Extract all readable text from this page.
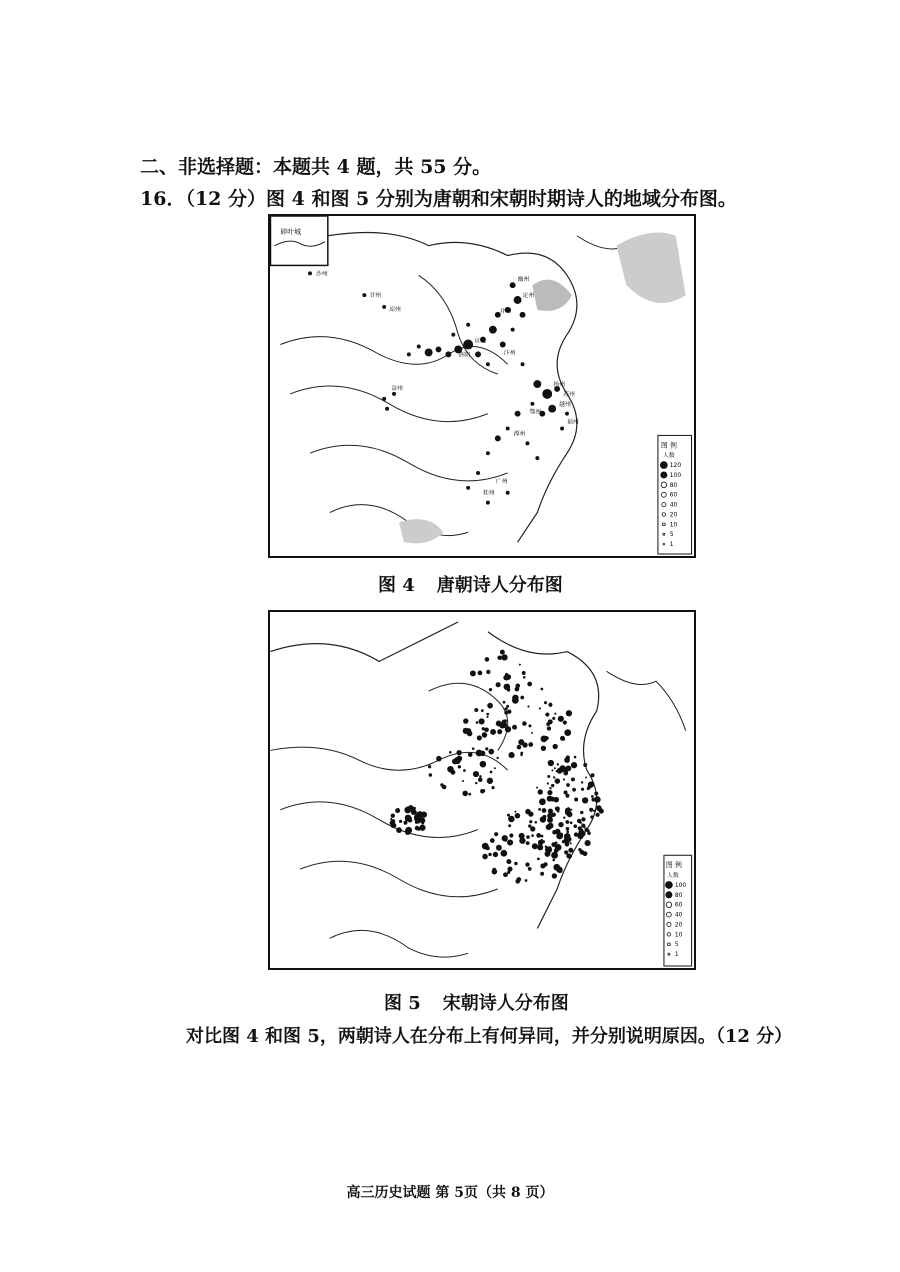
二、非选择题：本题共 4 题，共 55 分。
16．（12 分）图 4 和图 5 分别为唐朝和宋朝时期诗人的地域分布图。
碎叶城
图 例
人数
120
100
80
60
40
20
10
5
1
沙州
甘州
凉州
幽州
定州
并州
京兆
洛阳	汴州
扬州
越州
苏州
鄂州
潭州
广州
桂州
福州
益州
图 4 唐朝诗人分布图
图 例
人数
100
80
60
40
20
10
5
1
图 5 宋朝诗人分布图
对比图 4 和图 5，两朝诗人在分布上有何异同，并分别说明原因。（12 分）
高三历史试题 第 5页（共 8 页）
